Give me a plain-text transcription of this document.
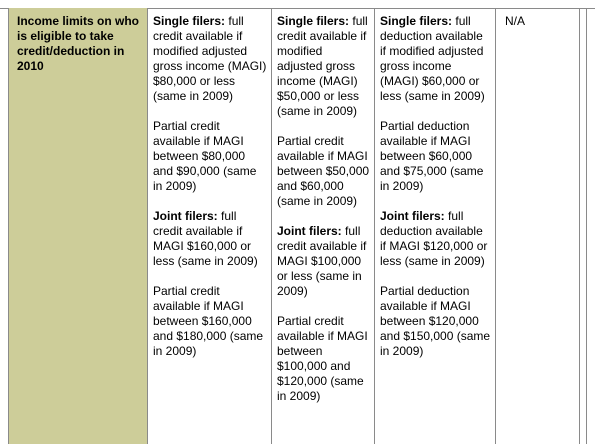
Income limits on who is eligible to take credit/deduction in 2010

Single filers: full credit available if modified adjusted gross income (MAGI) $80,000 or less (same in 2009)

Partial credit available if MAGI between $80,000 and $90,000 (same in 2009)

Joint filers: full credit available if MAGI $160,000 or less (same in 2009)

Partial credit available if MAGI between $160,000 and $180,000 (same in 2009)

Single filers: full credit available if modified adjusted gross income (MAGI) $50,000 or less (same in 2009)

Partial credit available if MAGI between $50,000 and $60,000 (same in 2009)

Joint filers: full credit available if MAGI $100,000 or less (same in 2009)

Partial credit available if MAGI between $100,000 and $120,000 (same in 2009)

Single filers: full deduction available if modified adjusted gross income (MAGI) $60,000 or less (same in 2009)

Partial deduction available if MAGI between $60,000 and $75,000 (same in 2009)

Joint filers: full deduction available if MAGI $120,000 or less (same in 2009)

Partial deduction available if MAGI between $120,000 and $150,000 (same in 2009)

N/A
